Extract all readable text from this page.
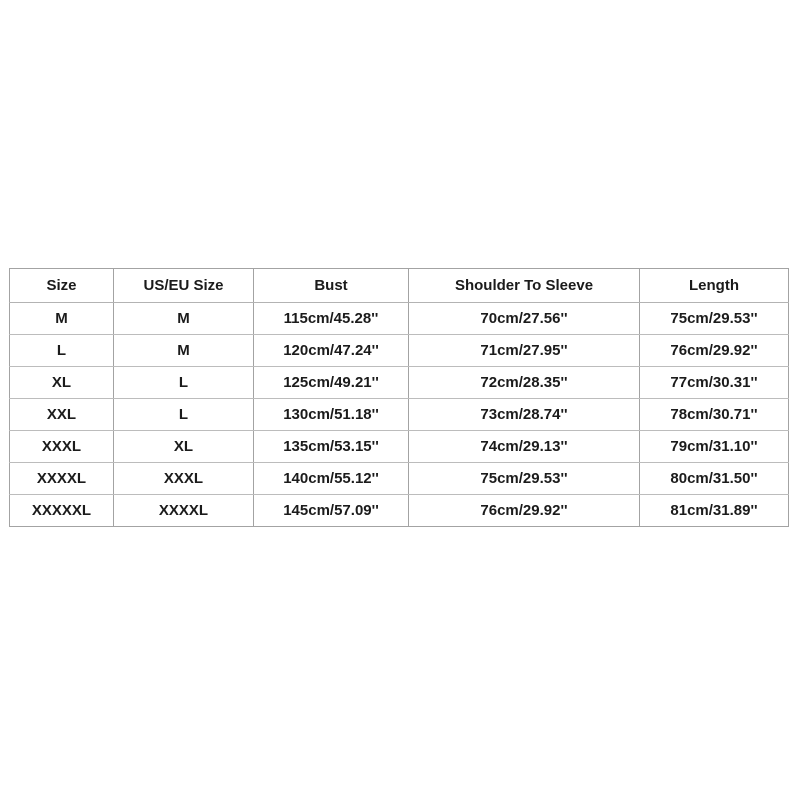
Size	US/EU Size	Bust	Shoulder To Sleeve	Length
M	M	115cm/45.28''	70cm/27.56''	75cm/29.53''
L	M	120cm/47.24''	71cm/27.95''	76cm/29.92''
XL	L	125cm/49.21''	72cm/28.35''	77cm/30.31''
XXL	L	130cm/51.18''	73cm/28.74''	78cm/30.71''
XXXL	XL	135cm/53.15''	74cm/29.13''	79cm/31.10''
XXXXL	XXXL	140cm/55.12''	75cm/29.53''	80cm/31.50''
XXXXXL	XXXXL	145cm/57.09''	76cm/29.92''	81cm/31.89''
